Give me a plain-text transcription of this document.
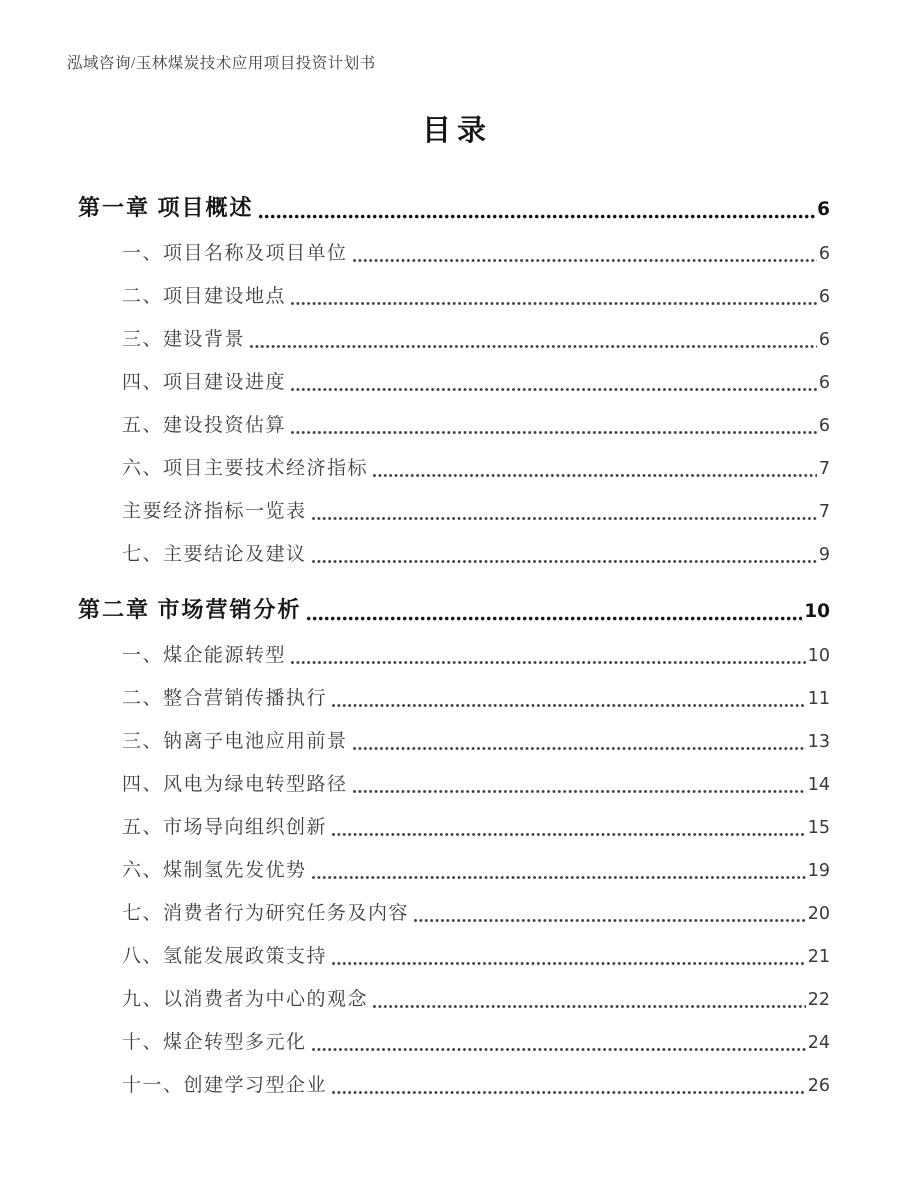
泓域咨询/玉林煤炭技术应用项目投资计划书
目录
第一章 项目概述	6
一、项目名称及项目单位	6
二、项目建设地点	6
三、建设背景	6
四、项目建设进度	6
五、建设投资估算	6
六、项目主要技术经济指标	7
主要经济指标一览表	7
七、主要结论及建议	9
第二章 市场营销分析	10
一、煤企能源转型	10
二、整合营销传播执行	11
三、钠离子电池应用前景	13
四、风电为绿电转型路径	14
五、市场导向组织创新	15
六、煤制氢先发优势	19
七、消费者行为研究任务及内容	20
八、氢能发展政策支持	21
九、以消费者为中心的观念	22
十、煤企转型多元化	24
十一、创建学习型企业	26
